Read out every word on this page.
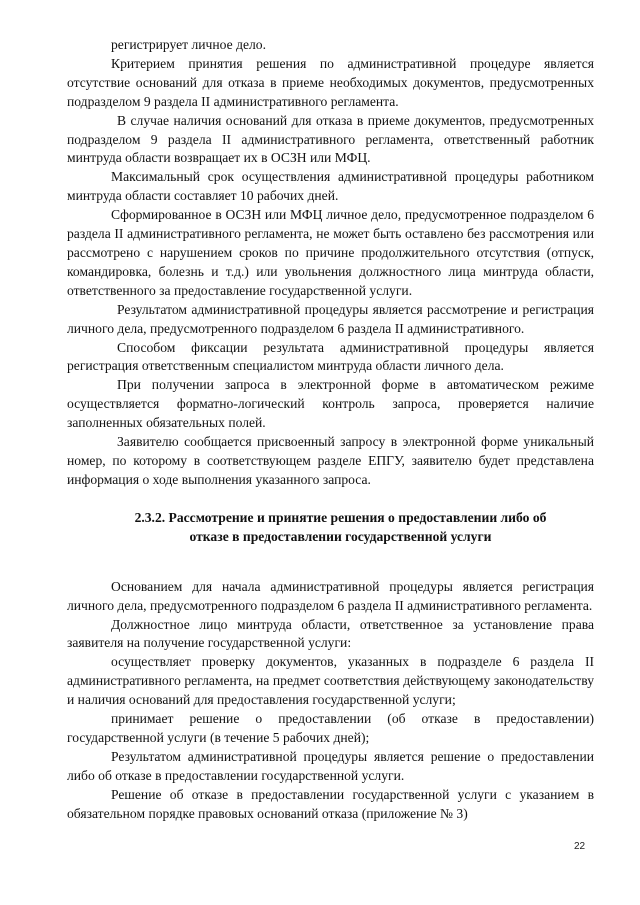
регистрирует личное дело.

Критерием принятия решения по административной процедуре является отсутствие оснований для отказа в приеме необходимых документов, предусмотренных подразделом 9 раздела II административного регламента.

В случае наличия оснований для отказа в приеме документов, предусмотренных подразделом 9 раздела II административного регламента, ответственный работник минтруда области возвращает их в ОСЗН или МФЦ.

Максимальный срок осуществления административной процедуры работником минтруда области составляет 10 рабочих дней.

Сформированное в ОСЗН или МФЦ личное дело, предусмотренное подразделом 6 раздела II административного регламента, не может быть оставлено без рассмотрения или рассмотрено с нарушением сроков по причине продолжительного отсутствия (отпуск, командировка, болезнь и т.д.) или увольнения должностного лица минтруда области, ответственного за предоставление государственной услуги.

Результатом административной процедуры является рассмотрение и регистрация личного дела, предусмотренного подразделом 6 раздела II административного.

Способом фиксации результата административной процедуры является регистрация ответственным специалистом минтруда области личного дела.

При получении запроса в электронной форме в автоматическом режиме осуществляется форматно-логический контроль запроса, проверяется наличие заполненных обязательных полей.

Заявителю сообщается присвоенный запросу в электронной форме уникальный номер, по которому в соответствующем разделе ЕПГУ, заявителю будет представлена информация о ходе выполнения указанного запроса.

2.3.2. Рассмотрение и принятие решения о предоставлении либо об
отказе в предоставлении государственной услуги

Основанием для начала административной процедуры является регистрация личного дела, предусмотренного подразделом 6 раздела II административного регламента.

Должностное лицо минтруда области, ответственное за установление права заявителя на получение государственной услуги:

осуществляет проверку документов, указанных в подразделе 6 раздела II административного регламента, на предмет соответствия действующему законодательству и наличия оснований для предоставления государственной услуги;

принимает решение о предоставлении (об отказе в предоставлении) государственной услуги (в течение 5 рабочих дней);

Результатом административной процедуры является решение о предоставлении либо об отказе в предоставлении государственной услуги.

Решение об отказе в предоставлении государственной услуги с указанием в обязательном порядке правовых оснований отказа (приложение № 3)

22
